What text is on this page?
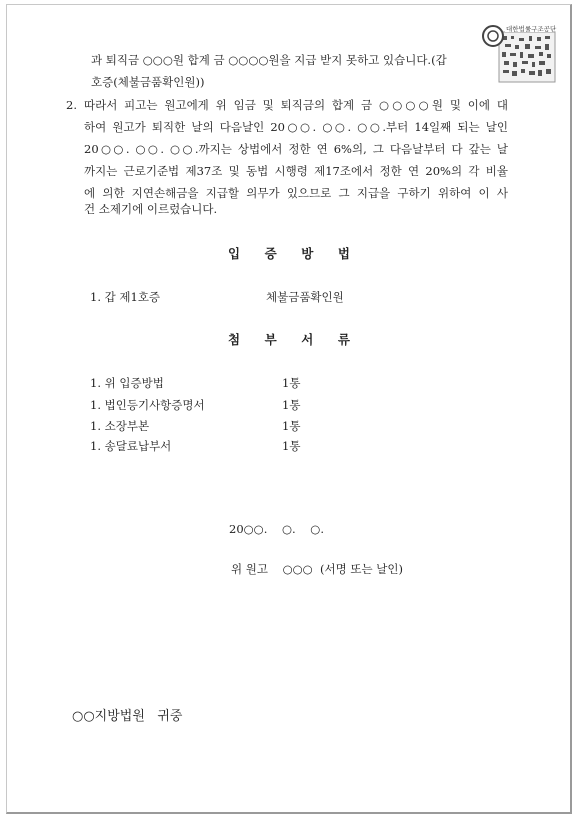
대한법률구조공단
과 퇴직금 ○○○원 합계 금 ○○○○원을 지급 받지 못하고 있습니다.(갑
호증(체불금품확인원))
2. 따라서 피고는 원고에게 위 임금 및 퇴직금의 합계 금 ○○○○원 및 이에 대
하여 원고가 퇴직한 날의 다음날인 20○○. ○○. ○○.부터 14일째 되는 날인
20○○. ○○. ○○.까지는 상법에서 정한 연 6%의, 그 다음날부터 다 갚는 날
까지는 근로기준법 제37조 및 동법 시행령 제17조에서 정한 연 20%의 각 비율
에 의한 지연손해금을 지급할 의무가 있으므로 그 지급을 구하기 위하여 이 사
건 소제기에 이르렀습니다.
입 증 방 법
1. 갑 제1호증	체불금품확인원
첨 부 서 류
1. 위 입증방법	1통
1. 법인등기사항증명서	1통
1. 소장부본	1통
1. 송달료납부서	1통
20○○.    ○.    ○.
위 원고    ○○○  (서명 또는 날인)
○○지방법원   귀중
